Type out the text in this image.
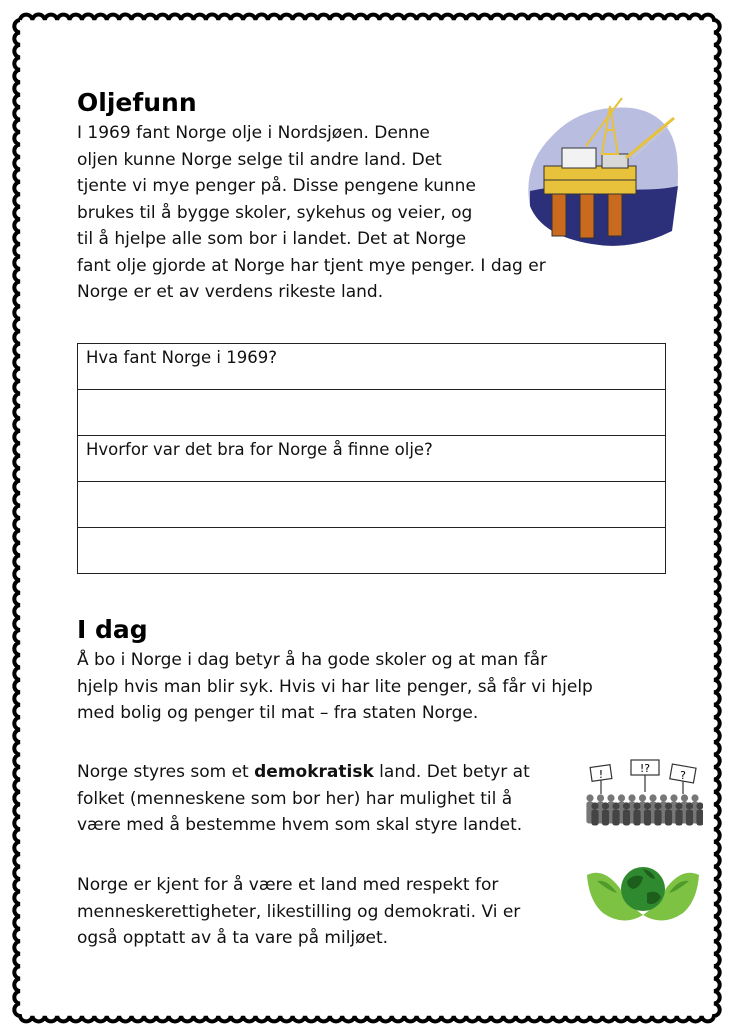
Oljefunn
I 1969 fant Norge olje i Nordsjøen. Denne
oljen kunne Norge selge til andre land. Det
tjente vi mye penger på. Disse pengene kunne
brukes til å bygge skoler, sykehus og veier, og
til å hjelpe alle som bor i landet. Det at Norge
fant olje gjorde at Norge har tjent mye penger. I dag er
Norge er et av verdens rikeste land.
Hva fant Norge i 1969?

Hvorfor var det bra for Norge å finne olje?

I dag
Å bo i Norge i dag betyr å ha gode skoler og at man får
hjelp hvis man blir syk. Hvis vi har lite penger, så får vi hjelp
med bolig og penger til mat – fra staten Norge.
Norge styres som et demokratisk land. Det betyr at
folket (menneskene som bor her) har mulighet til å
være med å bestemme hvem som skal styre landet.
!	!?
?
Norge er kjent for å være et land med respekt for
menneskerettigheter, likestilling og demokrati. Vi er
også opptatt av å ta vare på miljøet.
